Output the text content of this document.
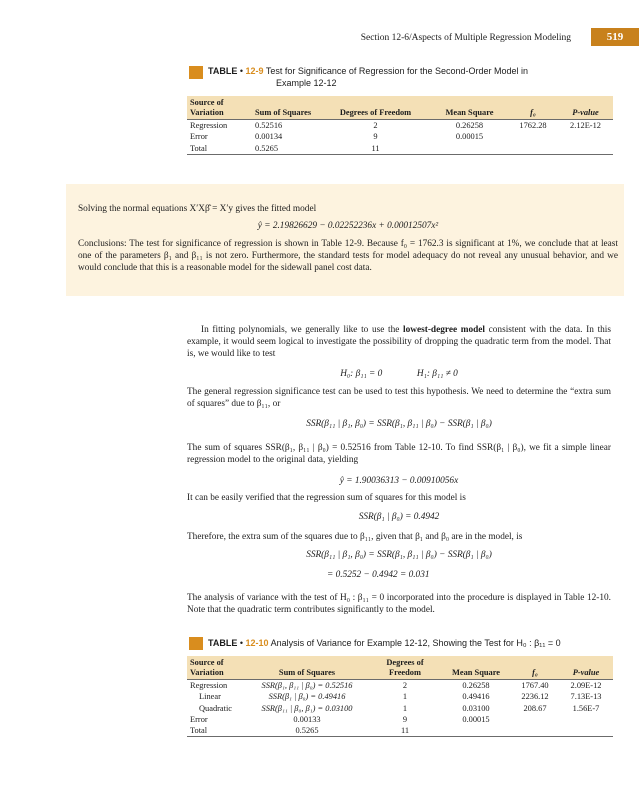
Section 12-6/Aspects of Multiple Regression Modeling	519
TABLE • 12-9 Test for Significance of Regression for the Second-Order Model in
Example 12-12
Source of
Variation	Sum of Squares	Degrees of Freedom	Mean Square	f₀	P-value
Regression	0.52516	2	0.26258	1762.28	2.12E-12
Error	0.00134	9	0.00015		
Total	0.5265	11			
Solving the normal equations X′Xβ̂ = X′y gives the fitted model
ŷ = 2.19826629 − 0.02252236x + 0.00012507x²
Conclusions: The test for significance of regression is shown in Table 12-9. Because f₀ = 1762.3 is significant at 1%, we conclude that at least one of the parameters β₁ and β₁₁ is not zero. Furthermore, the standard tests for model adequacy do not reveal any unusual behavior, and we would conclude that this is a reasonable model for the sidewall panel cost data.
In fitting polynomials, we generally like to use the lowest-degree model consistent with the data. In this example, it would seem logical to investigate the possibility of dropping the quadratic term from the model. That is, we would like to test
H₀: β₁₁ = 0	H₁: β₁₁ ≠ 0
The general regression significance test can be used to test this hypothesis. We need to determine the “extra sum of squares” due to β₁₁, or
SSR(β₁₁ | β₁, β₀) = SSR(β₁, β₁₁ | β₀) − SSR(β₁ | β₀)
The sum of squares SSR(β₁, β₁₁ | β₀) = 0.52516 from Table 12-10. To find SSR(β₁ | β₀), we fit a simple linear regression model to the original data, yielding
ŷ = 1.90036313 − 0.00910056x
It can be easily verified that the regression sum of squares for this model is
SSR(β₁ | β₀) = 0.4942
Therefore, the extra sum of the squares due to β₁₁, given that β₁ and β₀ are in the model, is
SSR(β₁₁ | β₁, β₀) = SSR(β₁, β₁₁ | β₀) − SSR(β₁ | β₀)
= 0.5252 − 0.4942 = 0.031
The analysis of variance with the test of H₀ : β₁₁ = 0 incorporated into the procedure is displayed in Table 12-10. Note that the quadratic term contributes significantly to the model.
TABLE • 12-10 Analysis of Variance for Example 12-12, Showing the Test for H₀ : β₁₁ = 0
Source of
Variation	Sum of Squares	Degrees of
Freedom	Mean Square	f₀	P-value
Regression	SSR(β₁, β₁₁ | β₀) = 0.52516	2	0.26258	1767.40	2.09E-12
Linear	SSR(β₁ | β₀) = 0.49416	1	0.49416	2236.12	7.13E-13
Quadratic	SSR(β₁₁ | β₀, β₁) = 0.03100	1	0.03100	208.67	1.56E-7
Error	0.00133	9	0.00015		
Total	0.5265	11			
